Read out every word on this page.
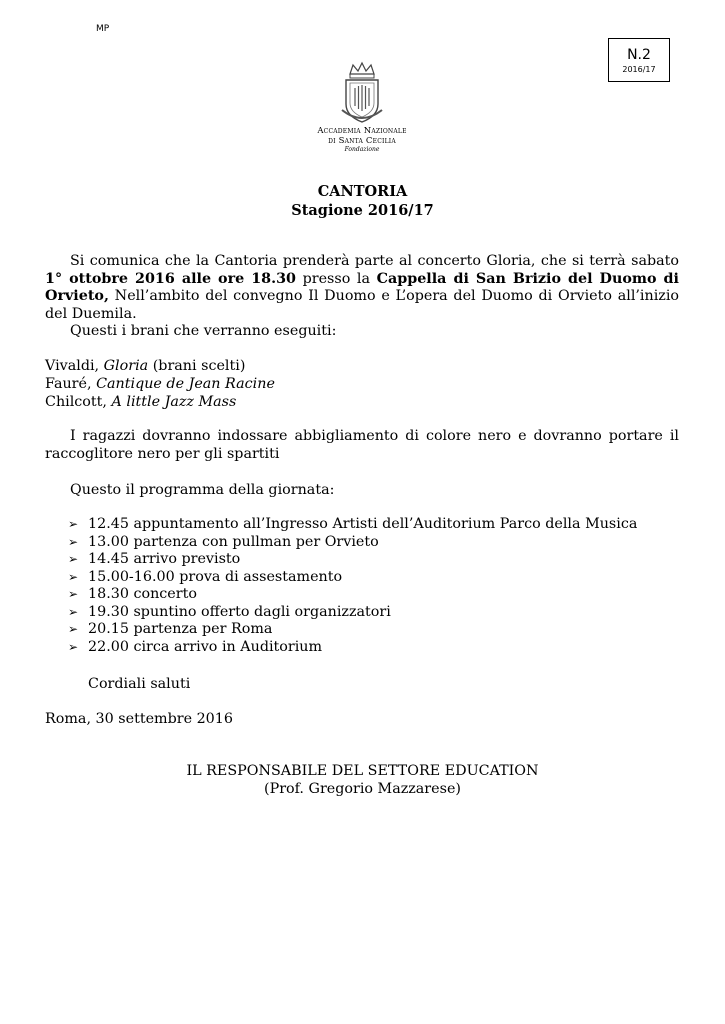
MP
N.2
2016/17
Accademia Nazionale
di Santa Cecilia
Fondazione
CANTORIA
Stagione 2016/17
Si comunica che la Cantoria prenderà parte al concerto Gloria, che si terrà sabato 1° ottobre 2016 alle ore 18.30 presso la Cappella di San Brizio del Duomo di Orvieto, Nell’ambito del convegno Il Duomo e L’opera del Duomo di Orvieto all’inizio del Duemila.
Questi i brani che verranno eseguiti:
Vivaldi, Gloria (brani scelti)
Fauré, Cantique de Jean Racine
Chilcott, A little Jazz Mass
I ragazzi dovranno indossare abbigliamento di colore nero e dovranno portare il raccoglitore nero per gli spartiti
Questo il programma della giornata:
➢ 12.45 appuntamento all’Ingresso Artisti dell’Auditorium Parco della Musica
➢ 13.00 partenza con pullman per Orvieto
➢ 14.45 arrivo previsto
➢ 15.00-16.00 prova di assestamento
➢ 18.30 concerto
➢ 19.30 spuntino offerto dagli organizzatori
➢ 20.15 partenza per Roma
➢ 22.00 circa arrivo in Auditorium
Cordiali saluti
Roma, 30 settembre 2016
IL RESPONSABILE DEL SETTORE EDUCATION
(Prof. Gregorio Mazzarese)
